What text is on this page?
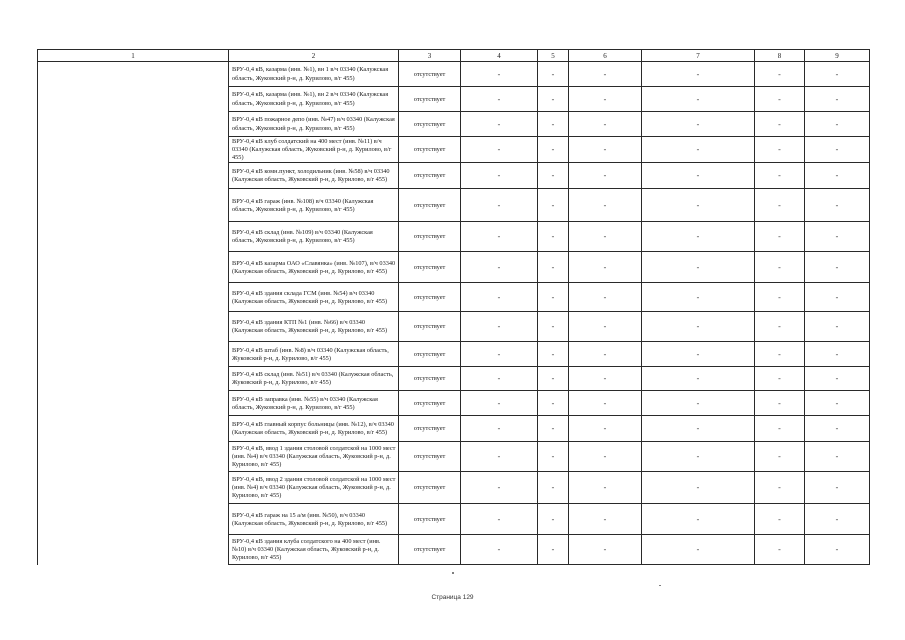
1	2	3	4	5	6	7	8	9
	ВРУ-0,4 кВ, казарма (инв. №1), вн 1 в/ч 03340 (Калужская область, Жуковский р-н, д. Курилово, в/г 455)	отсутствует	-	-	-	-	-	-
	ВРУ-0,4 кВ, казарма (инв. №1), вн 2 в/ч 03340 (Калужская область, Жуковский р-н, д. Курилово, в/г 455)	отсутствует	-	-	-	-	-	-
	ВРУ-0,4 кВ пожарное депо (инв. №47) в/ч 03340 (Калужская область, Жуковский р-н, д. Курилово, в/г 455)	отсутствует	-	-	-	-	-	-
	ВРУ-0,4 кВ клуб солдатский на 400 мест (инв. №11) в/ч 03340 (Калужская область, Жуковский р-н, д. Курилово, в/г 455)	отсутствует	-	-	-	-	-	-
	ВРУ-0,4 кВ комн.пункт, холодильник (инв. №58) в/ч 03340 (Калужская область, Жуковский р-н, д. Курилово, в/г 455)	отсутствует	-	-	-	-	-	-
	ВРУ-0,4 кВ гараж (инв. №108) в/ч 03340 (Калужская область, Жуковский р-н, д. Курилово, в/г 455)	отсутствует	-	-	-	-	-	-
	ВРУ-0,4 кВ склад (инв. №109) в/ч 03340 (Калужская область, Жуковский р-н, д. Курилово, в/г 455)	отсутствует	-	-	-	-	-	-
	ВРУ-0,4 кВ казарма ОАО «Славянка» (инв. №107), в/ч 03340 (Калужская область, Жуковский р-н, д. Курилово, в/г 455)	отсутствует	-	-	-	-	-	-
	ВРУ-0,4 кВ здания склада ГСМ (инв. №54) в/ч 03340 (Калужская область, Жуковский р-н, д. Курилово, в/г 455)	отсутствует	-	-	-	-	-	-
	ВРУ-0,4 кВ здания КТП №1 (инв. №66) в/ч 03340 (Калужская область, Жуковский р-н, д. Курилово, в/г 455)	отсутствует	-	-	-	-	-	-
	ВРУ-0,4 кВ штаб (инв. №8) в/ч 03340 (Калужская область, Жуковский р-н, д. Курилово, в/г 455)	отсутствует	-	-	-	-	-	-
	ВРУ-0,4 кВ склад (инв. №51) в/ч 03340 (Калужская область, Жуковский р-н, д. Курилово, в/г 455)	отсутствует	-	-	-	-	-	-
	ВРУ-0,4 кВ заправка (инв. №55) в/ч 03340 (Калужская область, Жуковский р-н, д. Курилово, в/г 455)	отсутствует	-	-	-	-	-	-
	ВРУ-0,4 кВ главный корпус больницы (инв. №12), в/ч 03340 (Калужская область, Жуковский р-н, д. Курилово, в/г 455)	отсутствует	-	-	-	-	-	-
	ВРУ-0,4 кВ, ввод 1 здания столовой солдатской на 1000 мест (инв. №4) в/ч 03340 (Калужская область, Жуковский р-н, д. Курилово, в/г 455)	отсутствует	-	-	-	-	-	-
	ВРУ-0,4 кВ, ввод 2 здания столовой солдатской на 1000 мест (инв. №4) в/ч 03340 (Калужская область, Жуковский р-н, д. Курилово, в/г 455)	отсутствует	-	-	-	-	-	-
	ВРУ-0,4 кВ гараж на 15 а/м (инв. №50), в/ч 03340 (Калужская область, Жуковский р-н, д. Курилово, в/г 455)	отсутствует	-	-	-	-	-	-
	ВРУ-0,4 кВ здания клуба солдатского на 400 мест (инв. №10) в/ч 03340 (Калужская область, Жуковский р-н, д. Курилово, в/г 455)	отсутствует	-	-	-	-	-	-
Страница 129
